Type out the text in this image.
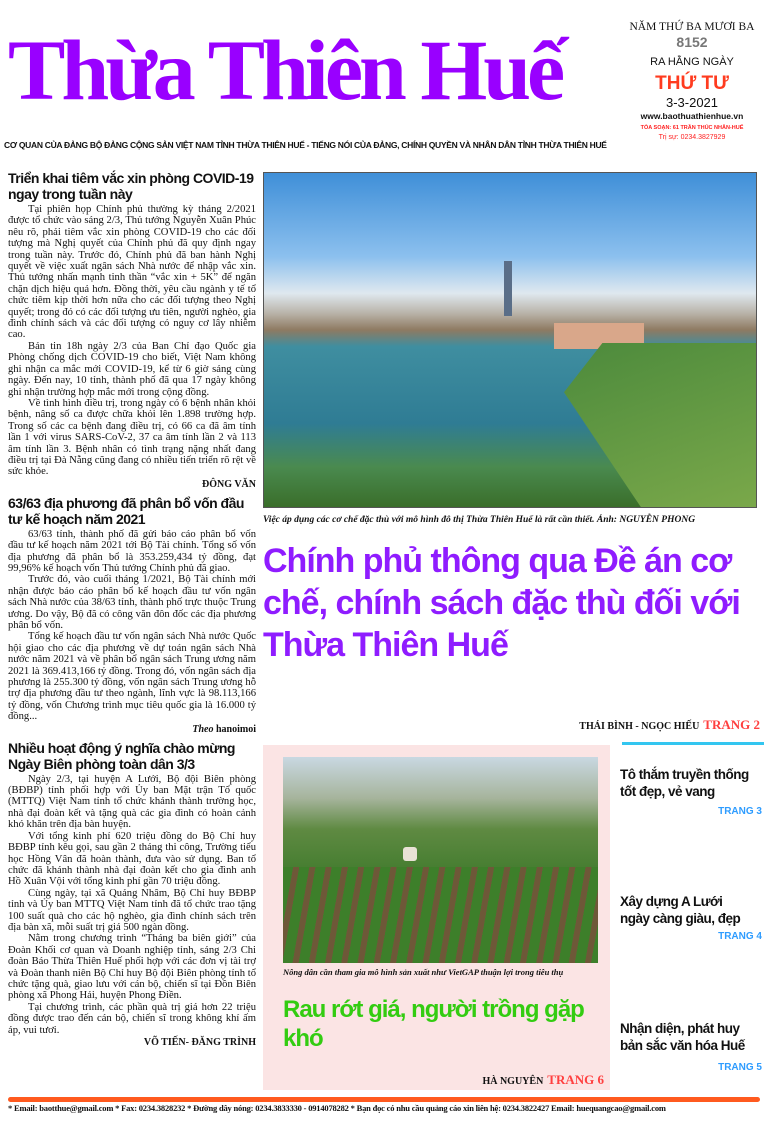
Thừa Thiên Huế	NĂM THỨ BA MƯƠI BA
8152
RA HẰNG NGÀY
THỨ TƯ
3-3-2021
www.baothuathienhue.vn
TÒA SOẠN: 61 TRẦN THÚC NHẪN-HUẾ
Trị sự: 0234.3827929
CƠ QUAN CỦA ĐẢNG BỘ ĐẢNG CỘNG SẢN VIỆT NAM TỈNH THỪA THIÊN HUẾ - TIẾNG NÓI CỦA ĐẢNG, CHÍNH QUYỀN VÀ NHÂN DÂN TỈNH THỪA THIÊN HUẾ
Triển khai tiêm vắc xin phòng COVID-19 ngay trong tuần này

Tại phiên họp Chính phủ thường kỳ tháng 2/2021 được tổ chức vào sáng 2/3, Thủ tướng Nguyễn Xuân Phúc nêu rõ, phải tiêm vắc xin phòng COVID-19 cho các đối tượng mà Nghị quyết của Chính phủ đã quy định ngay trong tuần này. Trước đó, Chính phủ đã ban hành Nghị quyết về việc xuất ngân sách Nhà nước để nhập vắc xin. Thủ tướng nhấn mạnh tinh thần “vắc xin + 5K” để ngăn chặn dịch hiệu quả hơn. Đồng thời, yêu cầu ngành y tế tổ chức tiêm kịp thời hơn nữa cho các đối tượng theo Nghị quyết; trong đó có các đối tượng ưu tiên, người nghèo, gia đình chính sách và các đối tượng có nguy cơ lây nhiễm cao.

Bản tin 18h ngày 2/3 của Ban Chỉ đạo Quốc gia Phòng chống dịch COVID-19 cho biết, Việt Nam không ghi nhận ca mắc mới COVID-19, kể từ 6 giờ sáng cùng ngày. Đến nay, 10 tỉnh, thành phố đã qua 17 ngày không ghi nhận trường hợp mắc mới trong cộng đồng.

Về tình hình điều trị, trong ngày có 6 bệnh nhân khỏi bệnh, nâng số ca được chữa khỏi lên 1.898 trường hợp. Trong số các ca bệnh đang điều trị, có 66 ca đã âm tính lần 1 với virus SARS-CoV-2, 37 ca âm tính lần 2 và 113 âm tính lần 3. Bệnh nhân có tình trạng nặng nhất đang điều trị tại Đà Nẵng cũng đang có nhiều tiến triển rõ rệt về sức khỏe.

ĐÔNG VĂN
63/63 địa phương đã phân bổ vốn đầu tư kế hoạch năm 2021

63/63 tỉnh, thành phố đã gửi báo cáo phân bổ vốn đầu tư kế hoạch năm 2021 tới Bộ Tài chính. Tổng số vốn địa phương đã phân bổ là 353.259,434 tỷ đồng, đạt 99,96% kế hoạch vốn Thủ tướng Chính phủ đã giao.

Trước đó, vào cuối tháng 1/2021, Bộ Tài chính mới nhận được báo cáo phân bổ kế hoạch đầu tư vốn ngân sách Nhà nước của 38/63 tỉnh, thành phố trực thuộc Trung ương. Do vậy, Bộ đã có công văn đôn đốc các địa phương phân bổ vốn.

Tổng kế hoạch đầu tư vốn ngân sách Nhà nước Quốc hội giao cho các địa phương về dự toán ngân sách Nhà nước năm 2021 và về phân bổ ngân sách Trung ương năm 2021 là 369.413,166 tỷ đồng. Trong đó, vốn ngân sách địa phương là 255.300 tỷ đồng, vốn ngân sách Trung ương hỗ trợ địa phương đầu tư theo ngành, lĩnh vực là 98.113,166 tỷ đồng, vốn Chương trình mục tiêu quốc gia là 16.000 tỷ đồng...

Theo hanoimoi
Nhiều hoạt động ý nghĩa chào mừng Ngày Biên phòng toàn dân 3/3

Ngày 2/3, tại huyện A Lưới, Bộ đội Biên phòng (BĐBP) tỉnh phối hợp với Ủy ban Mặt trận Tổ quốc (MTTQ) Việt Nam tỉnh tổ chức khánh thành trường học, nhà đại đoàn kết và tặng quà các gia đình có hoàn cảnh khó khăn trên địa bàn huyện.

Với tổng kinh phí 620 triệu đồng do Bộ Chỉ huy BĐBP tỉnh kêu gọi, sau gần 2 tháng thi công, Trường tiểu học Hồng Vân đã hoàn thành, đưa vào sử dụng. Ban tổ chức đã khánh thành nhà đại đoàn kết cho gia đình anh Hồ Xuân Vội với tổng kinh phí gần 70 triệu đồng.

Cùng ngày, tại xã Quảng Nhâm, Bộ Chỉ huy BĐBP tỉnh và Ủy ban MTTQ Việt Nam tỉnh đã tổ chức trao tặng 100 suất quà cho các hộ nghèo, gia đình chính sách trên địa bàn xã, mỗi suất trị giá 500 ngàn đồng.

Nằm trong chương trình “Tháng ba biên giới” của Đoàn Khối cơ quan và Doanh nghiệp tỉnh, sáng 2/3 Chi đoàn Báo Thừa Thiên Huế phối hợp với các đơn vị tài trợ và Đoàn thanh niên Bộ Chỉ huy Bộ đội Biên phòng tỉnh tổ chức tặng quà, giao lưu với cán bộ, chiến sĩ tại Đồn Biên phòng xã Phong Hải, huyện Phong Điền.

Tại chương trình, các phần quà trị giá hơn 22 triệu đồng được trao đến cán bộ, chiến sĩ trong không khí ấm áp, vui tươi.

VÕ TIẾN- ĐĂNG TRÌNH
Việc áp dụng các cơ chế đặc thù với mô hình đô thị Thừa Thiên Huế là rất cần thiết. Ảnh: NGUYỄN PHONG
Chính phủ thông qua Đề án cơ chế, chính sách đặc thù đối với Thừa Thiên Huế
THÁI BÌNH - NGỌC HIẾU TRANG 2
Nông dân cần tham gia mô hình sản xuất như VietGAP thuận lợi trong tiêu thụ
Rau rớt giá, người trồng gặp khó
HÀ NGUYÊN TRANG 6
Tô thắm truyền thống
tốt đẹp, vẻ vang
TRANG 3
Xây dựng A Lưới
ngày càng giàu, đẹp
TRANG 4
Nhận diện, phát huy
bản sắc văn hóa Huế
TRANG 5
* Email: baotthue@gmail.com * Fax: 0234.3828232 * Đường dây nóng: 0234.3833330 - 0914078282 * Bạn đọc có nhu cầu quảng cáo xin liên hệ: 0234.3822427 Email: huequangcao@gmail.com
